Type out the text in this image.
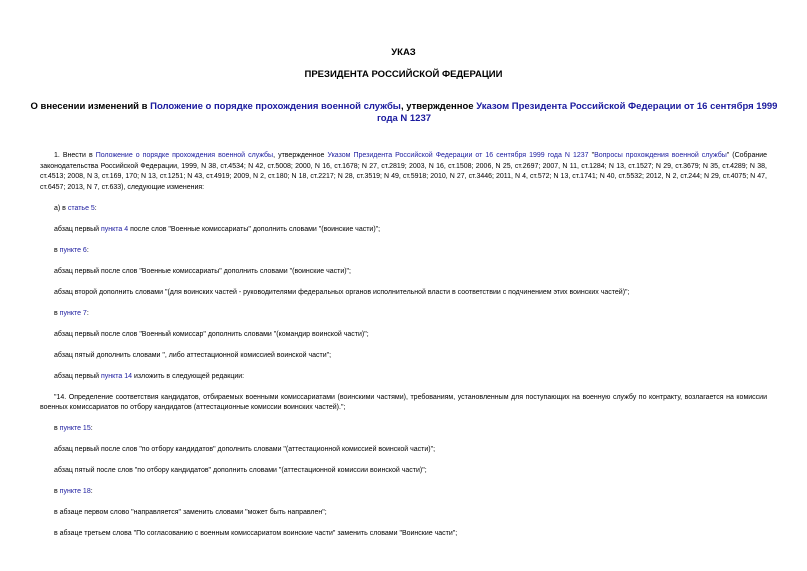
УКАЗ
ПРЕЗИДЕНТА РОССИЙСКОЙ ФЕДЕРАЦИИ
О внесении изменений в Положение о порядке прохождения военной службы, утвержденное Указом Президента Российской Федерации от 16 сентября 1999 года N 1237

1. Внести в Положение о порядке прохождения военной службы, утвержденное Указом Президента Российской Федерации от 16 сентября 1999 года N 1237 "Вопросы прохождения военной службы" (Собрание законодательства Российской Федерации, 1999, N 38, ст.4534; N 42, ст.5008; 2000, N 16, ст.1678; N 27, ст.2819; 2003, N 16, ст.1508; 2006, N 25, ст.2697; 2007, N 11, ст.1284; N 13, ст.1527; N 29, ст.3679; N 35, ст.4289; N 38, ст.4513; 2008, N 3, ст.169, 170; N 13, ст.1251; N 43, ст.4919; 2009, N 2, ст.180; N 18, ст.2217; N 28, ст.3519; N 49, ст.5918; 2010, N 27, ст.3446; 2011, N 4, ст.572; N 13, ст.1741; N 40, ст.5532; 2012, N 2, ст.244; N 29, ст.4075; N 47, ст.6457; 2013, N 7, ст.633), следующие изменения:

а) в статье 5:

абзац первый пункта 4 после слов "Военные комиссариаты" дополнить словами "(воинские части)";

в пункте 6:

абзац первый после слов "Военные комиссариаты" дополнить словами "(воинские части)";

абзац второй дополнить словами "(для воинских частей - руководителями федеральных органов исполнительной власти в соответствии с подчинением этих воинских частей)";

в пункте 7:

абзац первый после слов "Военный комиссар" дополнить словами "(командир воинской части)";

абзац пятый дополнить словами ", либо аттестационной комиссией воинской части";

абзац первый пункта 14 изложить в следующей редакции:

"14. Определение соответствия кандидатов, отбираемых военными комиссариатами (воинскими частями), требованиям, установленным для поступающих на военную службу по контракту, возлагается на комиссии военных комиссариатов по отбору кандидатов (аттестационные комиссии воинских частей).";

в пункте 15:

абзац первый после слов "по отбору кандидатов" дополнить словами "(аттестационной комиссией воинской части)";

абзац пятый после слов "по отбору кандидатов" дополнить словами "(аттестационной комиссии воинской части)";

в пункте 18:

в абзаце первом слово "направляется" заменить словами "может быть направлен";

в абзаце третьем слова "По согласованию с военным комиссариатом воинские части" заменить словами "Воинские части";
